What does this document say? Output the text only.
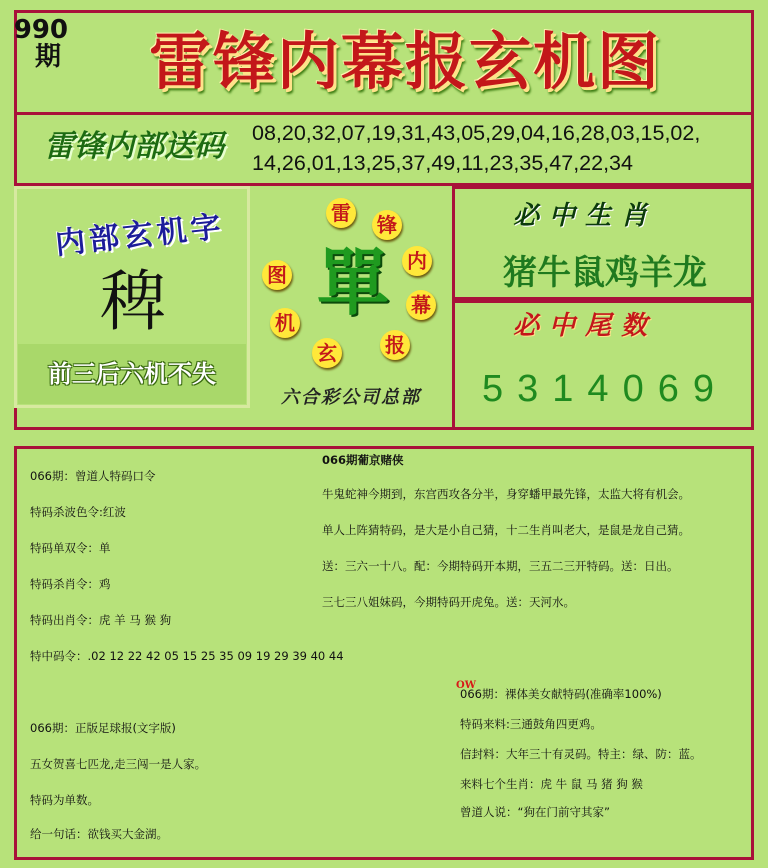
066
期	雷锋内幕报玄机图
雷锋内部送码	08,20,32,07,19,31,43,05,29,04,16,28,03,15,02,
14,26,01,13,25,37,49,11,23,35,47,22,34
内部玄机字
稗
前三后六机不失
雷 锋
内
幕
报
玄
机
图 單
六合彩公司总部
必中生肖
猪牛鼠鸡羊龙
必中尾数
5314069
066期：曾道人特码口令
特码杀波色令:红波
特码单双令：单
特码杀肖令：鸡
特码出肖令：虎 羊 马 猴 狗
特中码令：.02 12 22 42 05 15 25 35 09 19 29 39 40 44
066期：正版足球报(文字版)
五女贺喜七匹龙,走三闯一是人家。
特码为单数。
给一句话：欲钱买大金湖。
066期葡京赌侠
牛鬼蛇神今期到，东宫西攻各分半，身穿蟠甲最先锋，太监大将有机会。
单人上阵猜特码，是大是小自己猜，十二生肖叫老大，是鼠是龙自己猜。
送：三六一十八。配：今期特码开本期，三五二三开特码。送：日出。
三七三八姐妹码，今期特码开虎兔。送：天河水。
OW
066期：裸体美女献特码(准确率100%)
特码来料:三通鼓角四更鸡。
信封料：大年三十有灵码。特主：绿、防：蓝。
来料七个生肖：虎 牛 鼠 马 猪 狗 猴
曾道人说：“狗在门前守其家”
